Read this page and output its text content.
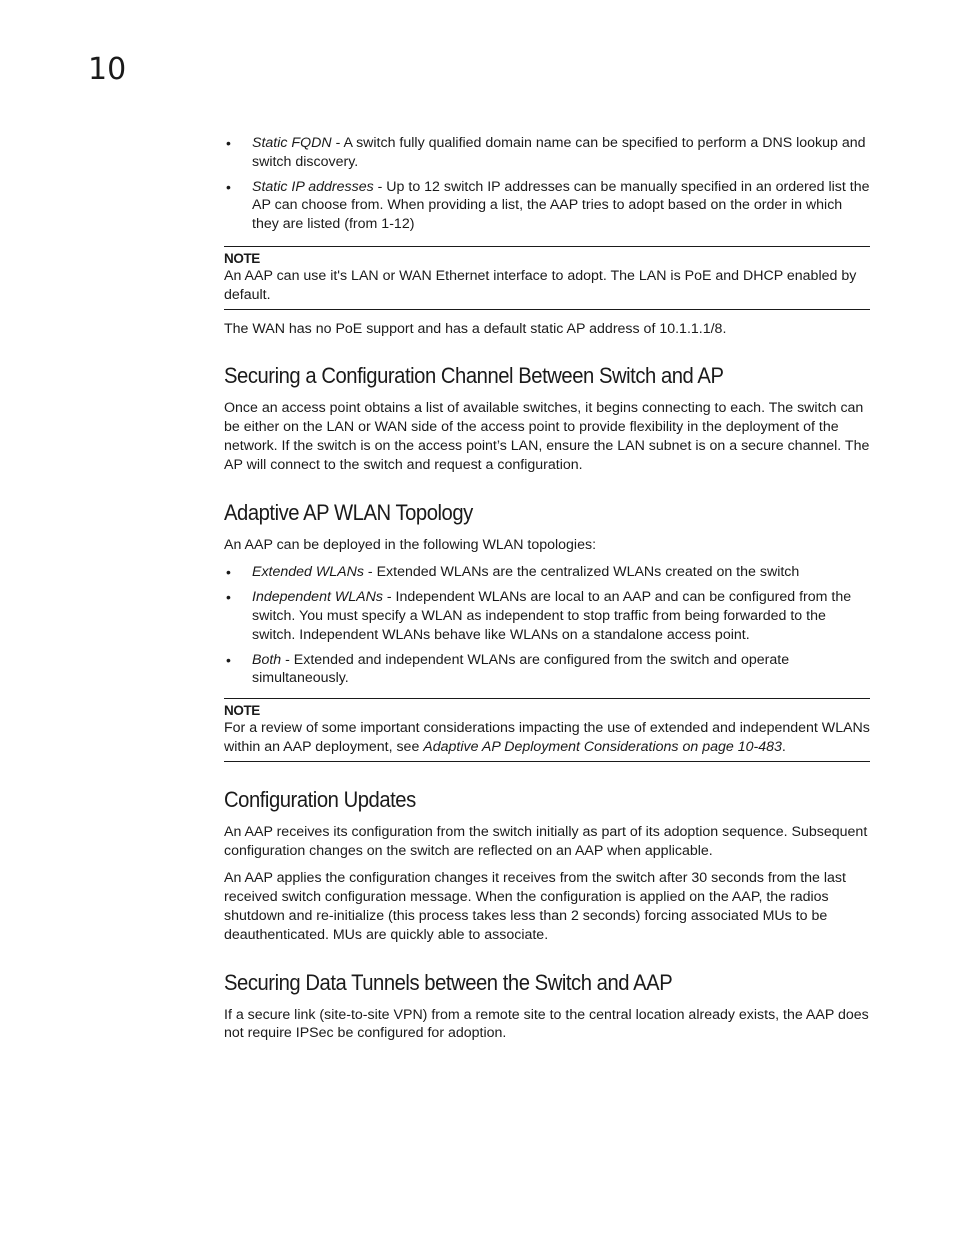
10
• Static FQDN - A switch fully qualified domain name can be specified to perform a DNS lookup and switch discovery.
• Static IP addresses - Up to 12 switch IP addresses can be manually specified in an ordered list the AP can choose from. When providing a list, the AAP tries to adopt based on the order in which they are listed (from 1-12)
NOTE
An AAP can use it's LAN or WAN Ethernet interface to adopt. The LAN is PoE and DHCP enabled by default.

The WAN has no PoE support and has a default static AP address of 10.1.1.1/8.

Securing a Configuration Channel Between Switch and AP

Once an access point obtains a list of available switches, it begins connecting to each. The switch can be either on the LAN or WAN side of the access point to provide flexibility in the deployment of the network. If the switch is on the access point’s LAN, ensure the LAN subnet is on a secure channel. The AP will connect to the switch and request a configuration.

Adaptive AP WLAN Topology

An AAP can be deployed in the following WLAN topologies:

• Extended WLANs - Extended WLANs are the centralized WLANs created on the switch
• Independent WLANs - Independent WLANs are local to an AAP and can be configured from the switch. You must specify a WLAN as independent to stop traffic from being forwarded to the switch. Independent WLANs behave like WLANs on a standalone access point.
• Both - Extended and independent WLANs are configured from the switch and operate simultaneously.
NOTE
For a review of some important considerations impacting the use of extended and independent WLANs within an AAP deployment, see Adaptive AP Deployment Considerations on page 10-483.
Configuration Updates

An AAP receives its configuration from the switch initially as part of its adoption sequence. Subsequent configuration changes on the switch are reflected on an AAP when applicable.

An AAP applies the configuration changes it receives from the switch after 30 seconds from the last received switch configuration message. When the configuration is applied on the AAP, the radios shutdown and re-initialize (this process takes less than 2 seconds) forcing associated MUs to be deauthenticated. MUs are quickly able to associate.

Securing Data Tunnels between the Switch and AAP

If a secure link (site-to-site VPN) from a remote site to the central location already exists, the AAP does not require IPSec be configured for adoption.
